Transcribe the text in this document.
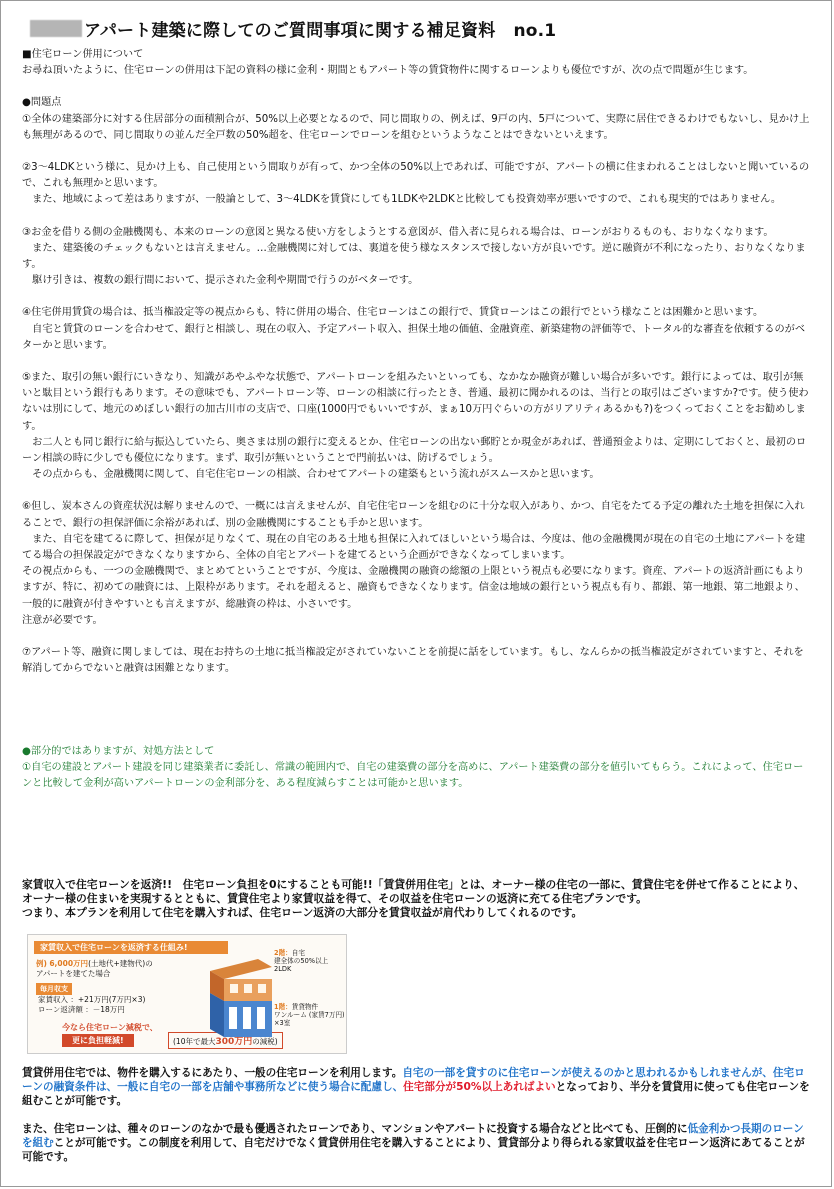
アパート建築に際してのご質問事項に関する補足資料 no.1

■住宅ローン併用について

お尋ね頂いたように、住宅ローンの併用は下記の資料の様に金利・期間ともアパート等の賃貸物件に関するローンよりも優位ですが、次の点で問題が生じます。

●問題点

①全体の建築部分に対する住居部分の面積割合が、50%以上必要となるので、同じ間取りの、例えば、9戸の内、5戸について、実際に居住できるわけでもないし、見かけ上も無理があるので、同じ間取りの並んだ全戸数の50%超を、住宅ローンでローンを組むというようなことはできないといえます。

②3～4LDKという様に、見かけ上も、自己使用という間取りが有って、かつ全体の50%以上であれば、可能ですが、アパートの横に住まわれることはしないと聞いているので、これも無理かと思います。

　また、地域によって差はありますが、一般論として、3～4LDKを賃貸にしても1LDKや2LDKと比較しても投資効率が悪いですので、これも現実的ではありません。

③お金を借りる側の金融機関も、本来のローンの意図と異なる使い方をしようとする意図が、借入者に見られる場合は、ローンがおりるものも、おりなくなります。

　また、建築後のチェックもないとは言えません。…金融機関に対しては、裏道を使う様なスタンスで接しない方が良いです。逆に融資が不利になったり、おりなくなります。

　駆け引きは、複数の銀行間において、提示された金利や期間で行うのがベターです。

④住宅併用賃貸の場合は、抵当権設定等の視点からも、特に併用の場合、住宅ローンはこの銀行で、賃貸ローンはこの銀行でという様なことは困難かと思います。

　自宅と賃貸のローンを合わせて、銀行と相談し、現在の収入、予定アパート収入、担保土地の価値、金融資産、新築建物の評価等で、トータル的な審査を依頼するのがベターかと思います。

⑤また、取引の無い銀行にいきなり、知識があやふやな状態で、アパートローンを組みたいといっても、なかなか融資が難しい場合が多いです。銀行によっては、取引が無いと駄目という銀行もあります。その意味でも、アパートローン等、ローンの相談に行ったとき、普通、最初に聞かれるのは、当行との取引はございますか?です。使う使わないは別にして、地元のめぼしい銀行の加古川市の支店で、口座(1000円でもいいですが、まぁ10万円ぐらいの方がリアリティあるかも?)をつくっておくことをお勧めします。

　お二人とも同じ銀行に給与振込していたら、奥さまは別の銀行に変えるとか、住宅ローンの出ない郵貯とか現金があれば、普通預金よりは、定期にしておくと、最初のローン相談の時に少しでも優位になります。まず、取引が無いということで門前払いは、防げるでしょう。

　その点からも、金融機関に関して、自宅住宅ローンの相談、合わせてアパートの建築もという流れがスムースかと思います。

⑥但し、炭本さんの資産状況は解りませんので、一概には言えませんが、自宅住宅ローンを組むのに十分な収入があり、かつ、自宅をたてる予定の離れた土地を担保に入れることで、銀行の担保評価に余裕があれば、別の金融機関にすることも手かと思います。

　また、自宅を建てるに際して、担保が足りなくて、現在の自宅のある土地も担保に入れてほしいという場合は、今度は、他の金融機関が現在の自宅の土地にアパートを建てる場合の担保設定ができなくなりますから、全体の自宅とアパートを建てるという企画ができなくなってしまいます。

その視点からも、一つの金融機関で、まとめてということですが、今度は、金融機関の融資の総額の上限という視点も必要になります。資産、アパートの返済計画にもよりますが、特に、初めての融資には、上限枠があります。それを超えると、融資もできなくなります。信金は地域の銀行という視点も有り、都銀、第一地銀、第二地銀より、一般的に融資が付きやすいとも言えますが、総融資の枠は、小さいです。

注意が必要です。

⑦アパート等、融資に関しましては、現在お持ちの土地に抵当権設定がされていないことを前提に話をしています。もし、なんらかの抵当権設定がされていますと、それを解消してからでないと融資は困難となります。

●部分的ではありますが、対処方法として

①自宅の建設とアパート建設を同じ建築業者に委託し、常識の範囲内で、自宅の建築費の部分を高めに、アパート建築費の部分を値引いてもらう。これによって、住宅ローンと比較して金利が高いアパートローンの金利部分を、ある程度減らすことは可能かと思います。

家賃収入で住宅ローンを返済!!　住宅ローン負担を0にすることも可能!!「賃貸併用住宅」とは、オーナー様の住宅の一部に、賃貸住宅を併せて作ることにより、オーナー様の住まいを実現するとともに、賃貸住宅より家賃収益を得て、その収益を住宅ローンの返済に充てる住宅プランです。

つまり、本プランを利用して住宅を購入すれば、住宅ローン返済の大部分を賃貸収益が肩代わりしてくれるのです。

家賃収入で住宅ローンを返済する仕組み!
例) 6,000万円(土地代+建物代)の
アパートを建てた場合
毎月収支
家賃収入 ：+21万円(7万円×3)
ローン返済額 ：－18万円
今なら住宅ローン減税で、
更に負担軽減!	(10年で最大300万円の減税)
2階：自宅
建全体の50%以上
2LDK
1階：賃貸物件
ワンルーム (家賃7万円)
×3室

賃貸併用住宅では、物件を購入するにあたり、一般の住宅ローンを利用します。自宅の一部を貸すのに住宅ローンが使えるのかと思われるかもしれませんが、住宅ローンの融資条件は、一般に自宅の一部を店舗や事務所などに使う場合に配慮し、住宅部分が50%以上あればよいとなっており、半分を賃貸用に使っても住宅ローンを組むことが可能です。

また、住宅ローンは、種々のローンのなかで最も優遇されたローンであり、マンションやアパートに投資する場合などと比べても、圧倒的に低金利かつ長期のローンを組むことが可能です。この制度を利用して、自宅だけでなく賃貸併用住宅を購入することにより、賃貸部分より得られる家賃収益を住宅ローン返済にあてることが可能です。
